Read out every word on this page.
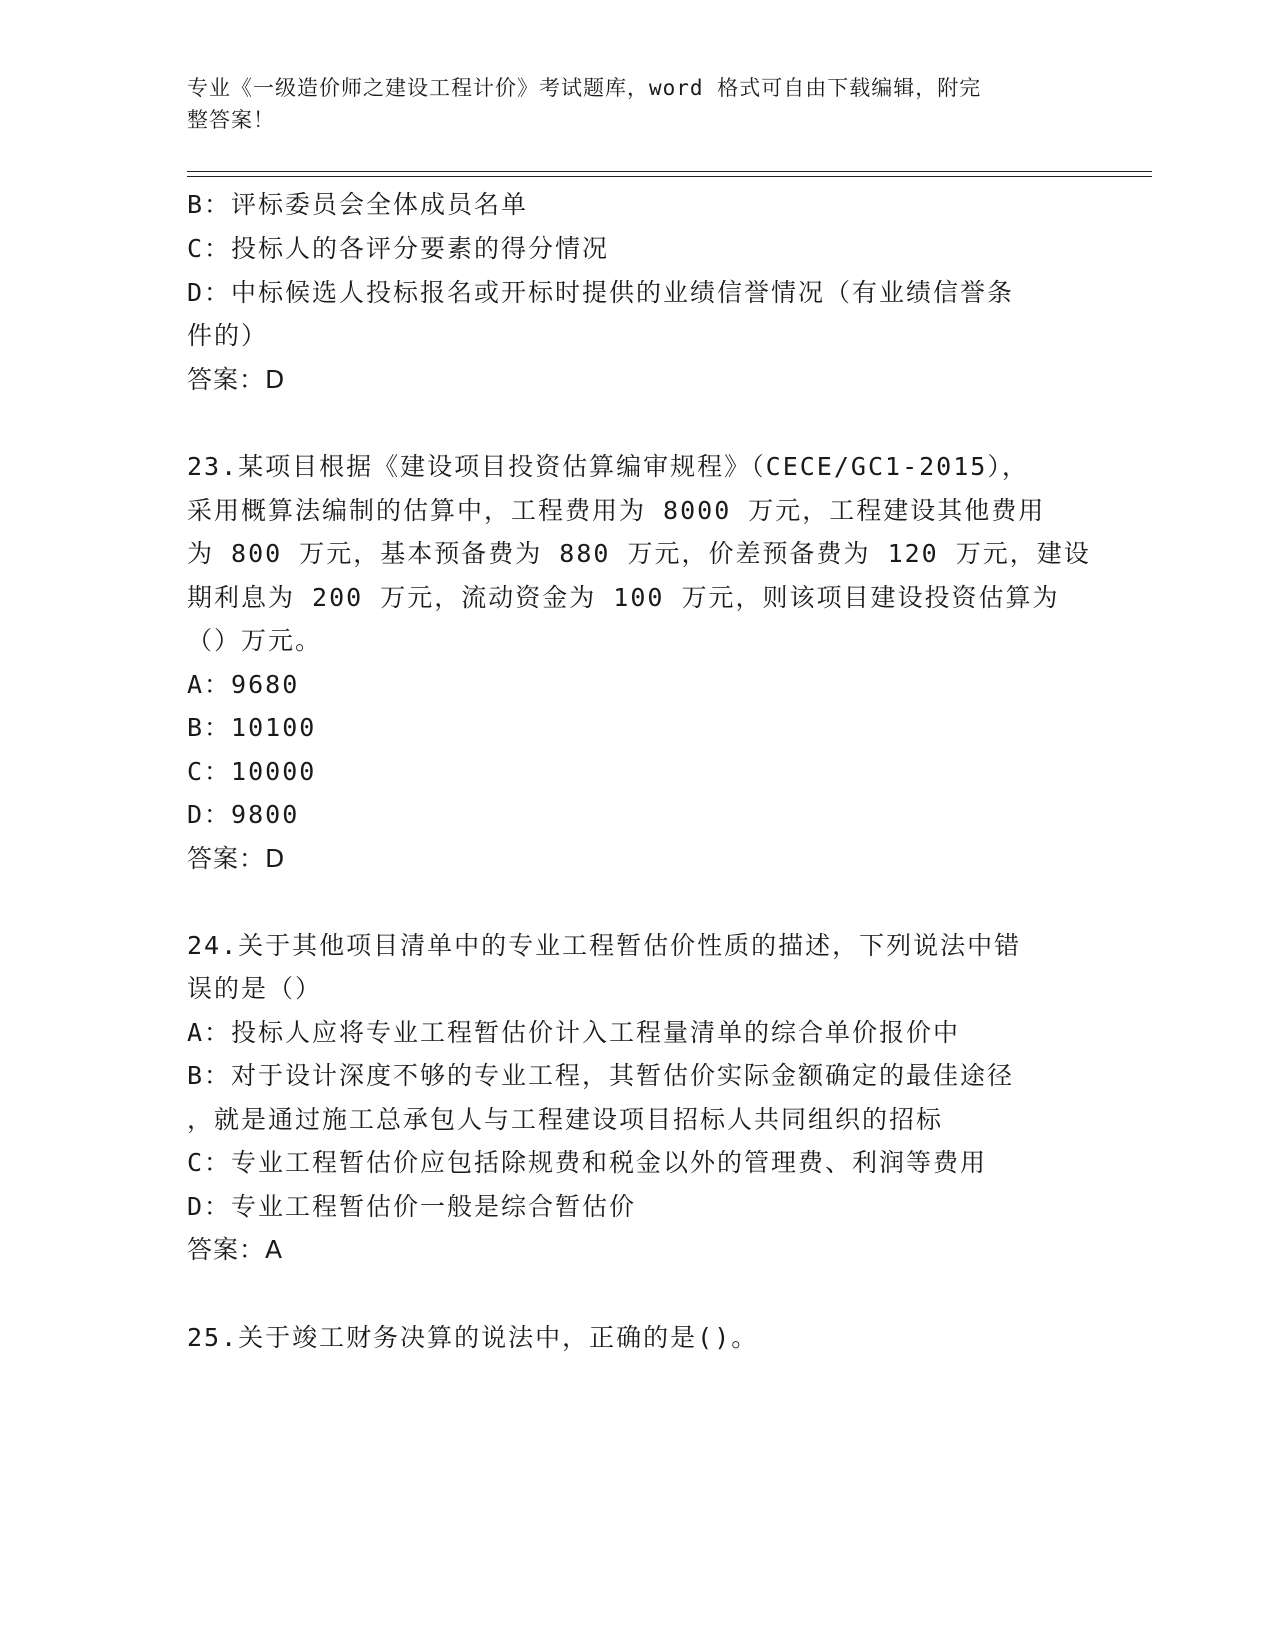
专业《一级造价师之建设工程计价》考试题库，word 格式可自由下载编辑，附完
整答案！
B：评标委员会全体成员名单
C：投标人的各评分要素的得分情况
D：中标候选人投标报名或开标时提供的业绩信誉情况（有业绩信誉条
件的）
答案：D
23.某项目根据《建设项目投资估算编审规程》（CECE/GC1-2015），
采用概算法编制的估算中，工程费用为 8000 万元，工程建设其他费用
为 800 万元，基本预备费为 880 万元，价差预备费为 120 万元，建设
期利息为 200 万元，流动资金为 100 万元，则该项目建设投资估算为
（）万元。
A：9680
B：10100
C：10000
D：9800
答案：D
24.关于其他项目清单中的专业工程暂估价性质的描述，下列说法中错
误的是（）
A：投标人应将专业工程暂估价计入工程量清单的综合单价报价中
B：对于设计深度不够的专业工程，其暂估价实际金额确定的最佳途径
，就是通过施工总承包人与工程建设项目招标人共同组织的招标
C：专业工程暂估价应包括除规费和税金以外的管理费、利润等费用
D：专业工程暂估价一般是综合暂估价
答案：A
25.关于竣工财务决算的说法中，正确的是()。
